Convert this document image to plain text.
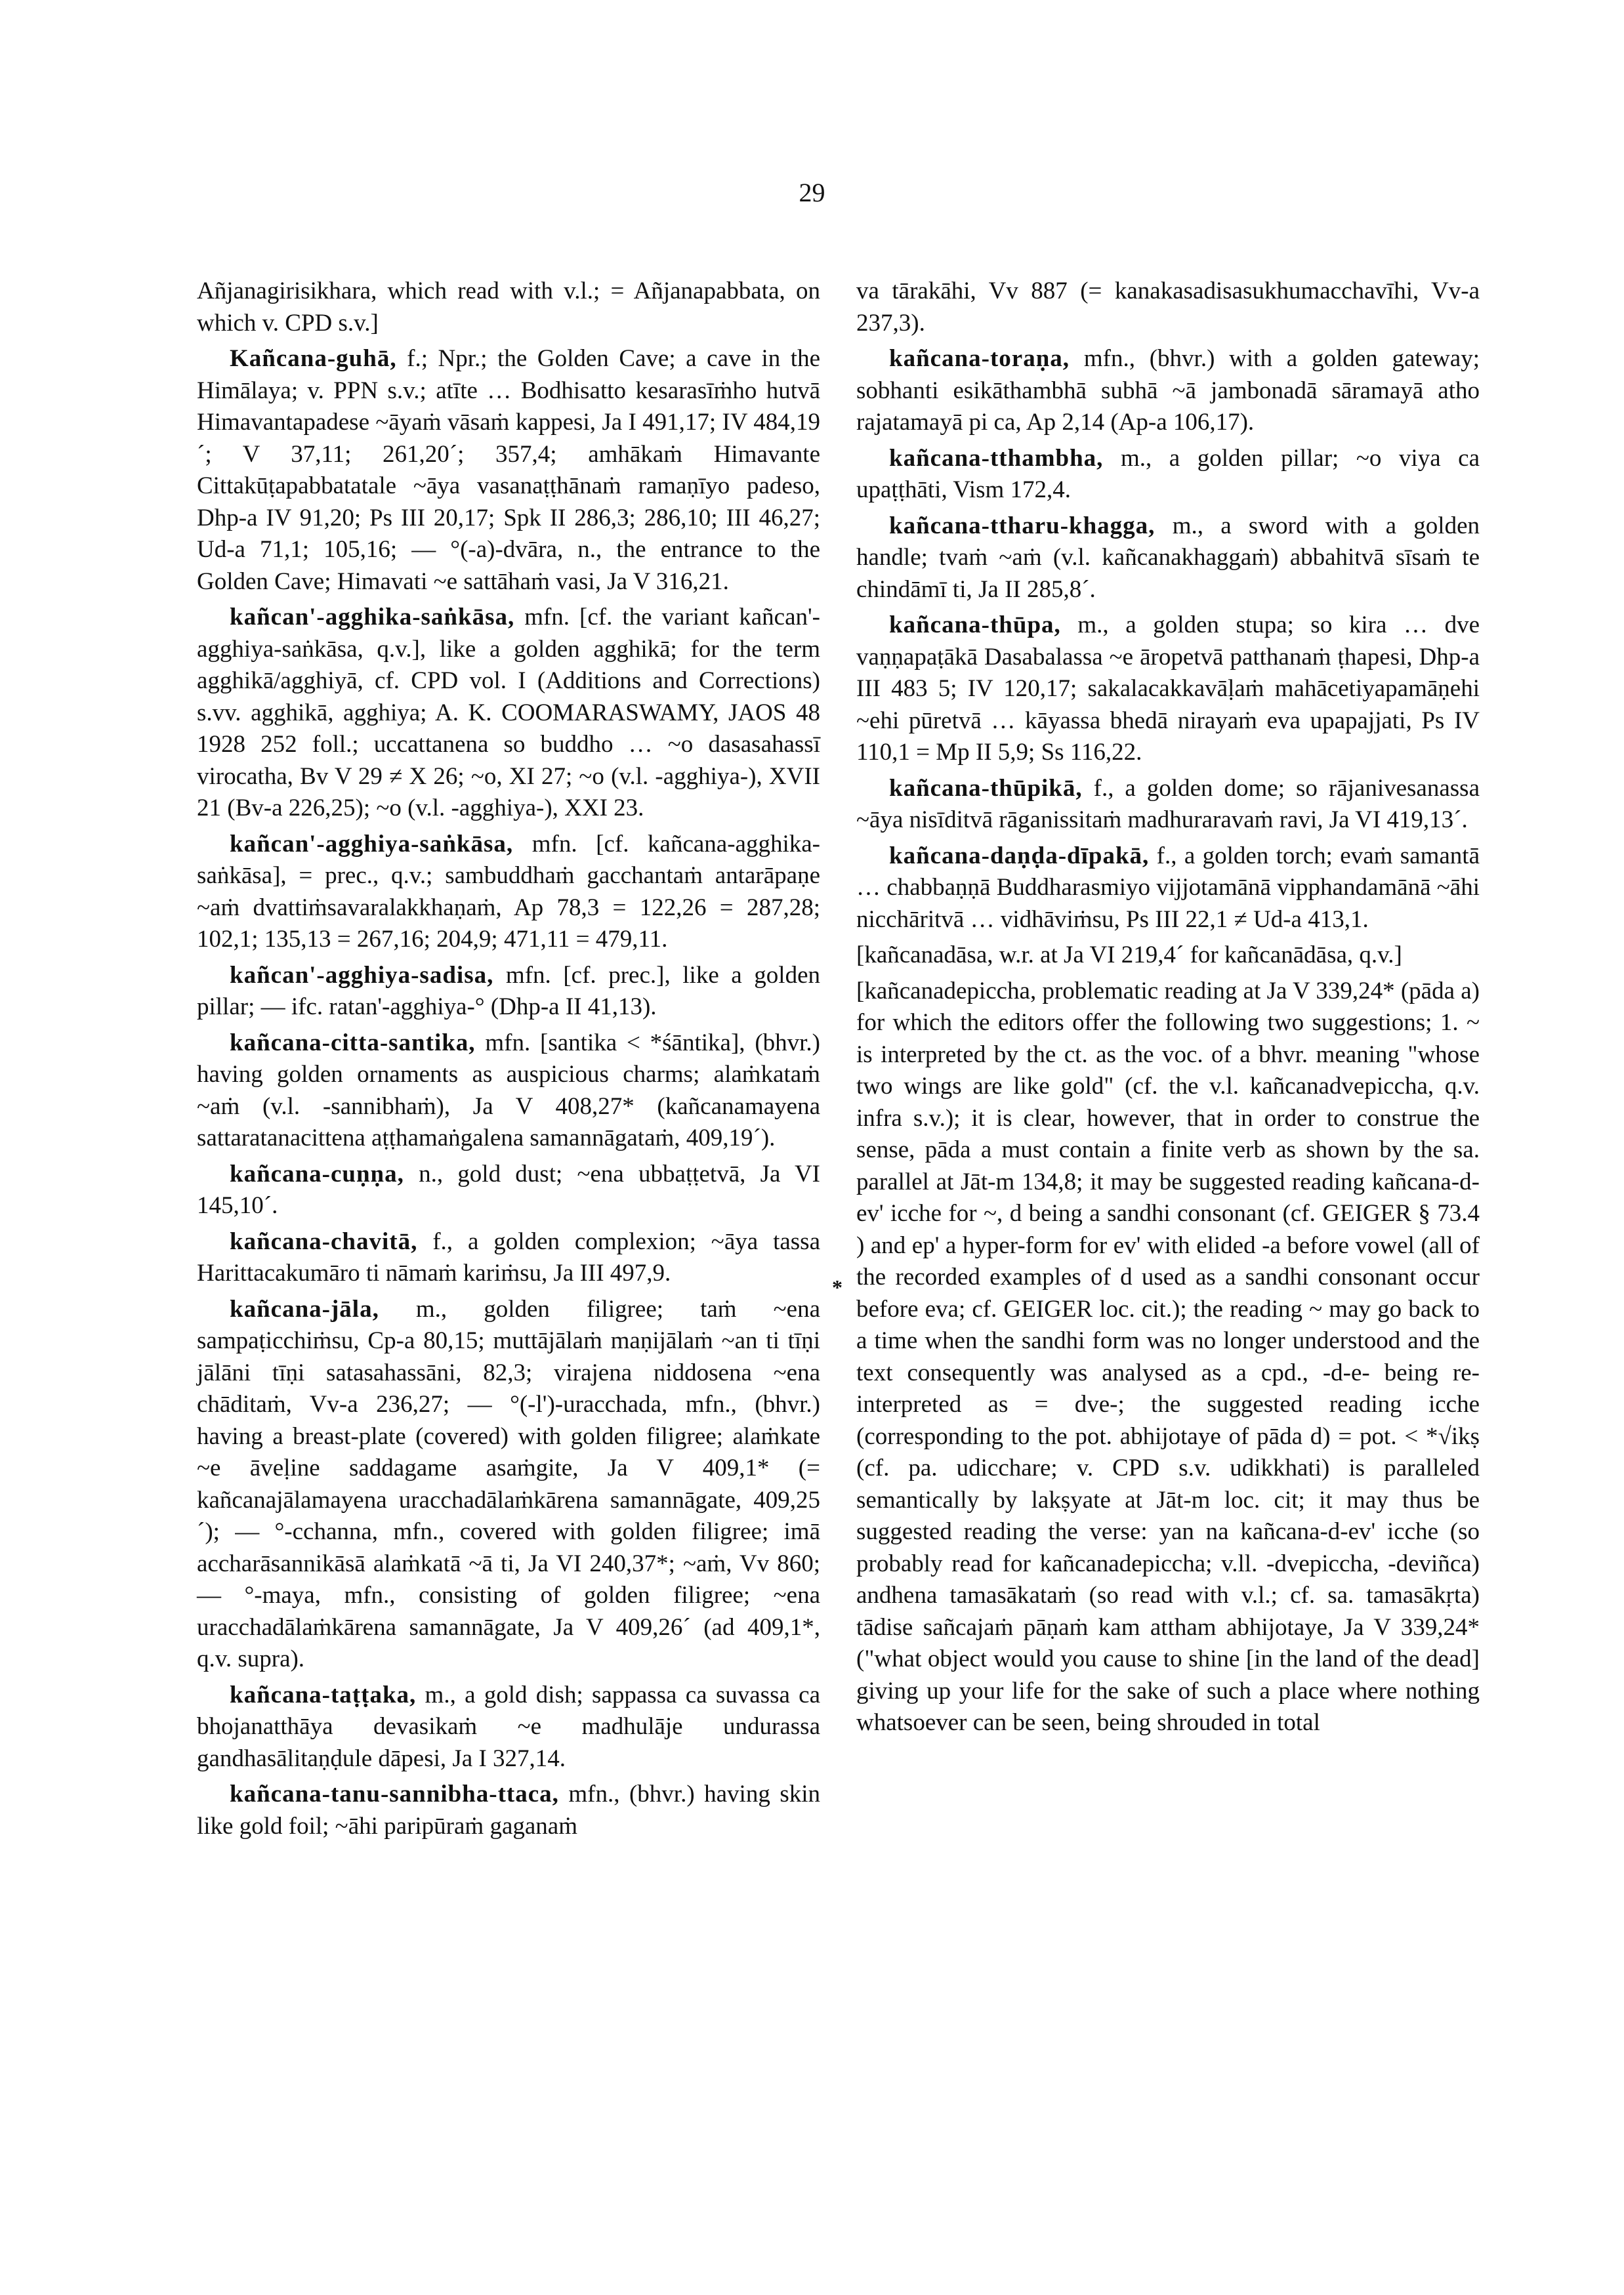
29

Añjanagirisikhara, which read with v.l.; = Añjanapabbata, on which v. CPD s.v.]

Kañcana-guhā, f.; Npr.; the Golden Cave; a cave in the Himālaya; v. PPN s.v.; atīte … Bodhisatto kesarasīṁho hutvā Himavantapadese ~āyaṁ vāsaṁ kappesi, Ja I 491,17; IV 484,19´; V 37,11; 261,20´; 357,4; amhākaṁ Himavante Cittakūṭapabbatatale ~āya vasanaṭṭhānaṁ ramaṇīyo padeso, Dhp-a IV 91,20; Ps III 20,17; Spk II 286,3; 286,10; III 46,27; Ud-a 71,1; 105,16; — °(-a)-dvāra, n., the entrance to the Golden Cave; Himavati ~e sattāhaṁ vasi, Ja V 316,21.

kañcan'-agghika-saṅkāsa, mfn. [cf. the variant kañcan'-agghiya-saṅkāsa, q.v.], like a golden agghikā; for the term agghikā/agghiyā, cf. CPD vol. I (Additions and Corrections) s.vv. agghikā, agghiya; A. K. COOMARASWAMY, JAOS 48 1928 252 foll.; uccattanena so buddho … ~o dasasahassī virocatha, Bv V 29 ≠ X 26; ~o, XI 27; ~o (v.l. -agghiya-), XVII 21 (Bv-a 226,25); ~o (v.l. -agghiya-), XXI 23.

kañcan'-agghiya-saṅkāsa, mfn. [cf. kañcana-agghika-saṅkāsa], = prec., q.v.; sambuddhaṁ gacchantaṁ antarāpaṇe ~aṁ dvattiṁsavaralakkhaṇaṁ, Ap 78,3 = 122,26 = 287,28; 102,1; 135,13 = 267,16; 204,9; 471,11 = 479,11.

kañcan'-agghiya-sadisa, mfn. [cf. prec.], like a golden pillar; — ifc. ratan'-agghiya-° (Dhp-a II 41,13).

kañcana-citta-santika, mfn. [santika < *śāntika], (bhvr.) having golden ornaments as auspicious charms; alaṁkataṁ ~aṁ (v.l. -sannibhaṁ), Ja V 408,27* (kañcanamayena sattaratanacittena aṭṭhamaṅgalena samannāgataṁ, 409,19´).

kañcana-cuṇṇa, n., gold dust; ~ena ubbaṭṭetvā, Ja VI 145,10´.

kañcana-chavitā, f., a golden complexion; ~āya tassa Harittacakumāro ti nāmaṁ kariṁsu, Ja III 497,9.

kañcana-jāla, m., golden filigree; taṁ ~ena sampaṭicchiṁsu, Cp-a 80,15; muttājālaṁ maṇijālaṁ ~an ti tīṇi jālāni tīṇi satasahassāni, 82,3; virajena niddosena ~ena chāditaṁ, Vv-a 236,27; — °(-l')-uracchada, mfn., (bhvr.) having a breast-plate (covered) with golden filigree; alaṁkate ~e āveḷine saddagame asaṁgite, Ja V 409,1* (= kañcanajālamayena uracchadālaṁkārena samannāgate, 409,25´); — °-cchanna, mfn., covered with golden filigree; imā accharāsannikāsā alaṁkatā ~ā ti, Ja VI 240,37*; ~aṁ, Vv 860; — °-maya, mfn., consisting of golden filigree; ~ena uracchadālaṁkārena samannāgate, Ja V 409,26´ (ad 409,1*, q.v. supra).

kañcana-taṭṭaka, m., a gold dish; sappassa ca suvassa ca bhojanatthāya devasikaṁ ~e madhulāje undurassa gandhasālitaṇḍule dāpesi, Ja I 327,14.

kañcana-tanu-sannibha-ttaca, mfn., (bhvr.) having skin like gold foil; ~āhi paripūraṁ gaganaṁ

va tārakāhi, Vv 887 (= kanakasadisasukhumacchavīhi, Vv-a 237,3).

kañcana-toraṇa, mfn., (bhvr.) with a golden gateway; sobhanti esikāthambhā subhā ~ā jambonadā sāramayā atho rajatamayā pi ca, Ap 2,14 (Ap-a 106,17).

kañcana-tthambha, m., a golden pillar; ~o viya ca upaṭṭhāti, Vism 172,4.

kañcana-ttharu-khagga, m., a sword with a golden handle; tvaṁ ~aṁ (v.l. kañcanakhaggaṁ) abbahitvā sīsaṁ te chindāmī ti, Ja II 285,8´.

kañcana-thūpa, m., a golden stupa; so kira … dve vaṇṇapaṭākā Dasabalassa ~e āropetvā patthanaṁ ṭhapesi, Dhp-a III 483 5; IV 120,17; sakalacakkavāḷaṁ mahācetiyapamāṇehi ~ehi pūretvā … kāyassa bhedā nirayaṁ eva upapajjati, Ps IV 110,1 = Mp II 5,9; Ss 116,22.

kañcana-thūpikā, f., a golden dome; so rājanivesanassa ~āya nisīditvā rāganissitaṁ madhuraravaṁ ravi, Ja VI 419,13´.

kañcana-daṇḍa-dīpakā, f., a golden torch; evaṁ samantā … chabbaṇṇā Buddharasmiyo vijjotamānā vipphandamānā ~āhi nicchāritvā … vidhāviṁsu, Ps III 22,1 ≠ Ud-a 413,1.

[kañcanadāsa, w.r. at Ja VI 219,4´ for kañcanādāsa, q.v.]

[kañcanadepiccha, problematic reading at Ja V 339,24* (pāda a) for which the editors offer the following two suggestions; 1. ~ is interpreted by the ct. as the voc. of a bhvr. meaning "whose two wings are like gold" (cf. the v.l. kañcanadvepiccha, q.v. infra s.v.); it is clear, however, that in order to construe the sense, pāda a must contain a finite verb as shown by the sa. parallel at Jāt-m 134,8; it may be suggested reading kañcana-d-ev' icche for ~, d being a sandhi consonant (cf. GEIGER § 73.4 ) and ep' a hyper-form for ev' with elided -a before vowel (all of the recorded examples of d used as a sandhi consonant occur before eva; cf. GEIGER loc. cit.); the reading ~ may go back to a time when the sandhi form was no longer understood and the text consequently was analysed as a cpd., -d-e- being re-interpreted as = dve-; the suggested reading icche (corresponding to the pot. abhijotaye of pāda d) = pot. < *√ikṣ (cf. pa. udicchare; v. CPD s.v. udikkhati) is paralleled semantically by lakṣyate at Jāt-m loc. cit; it may thus be suggested reading the verse: yan na kañcana-d-ev' icche (so probably read for kañcanadepiccha; v.ll. -dvepiccha, -deviñca) andhena tamasākataṁ (so read with v.l.; cf. sa. tamasākṛta) tādise sañcajaṁ pāṇaṁ kam attham abhijotaye, Ja V 339,24* ("what object would you cause to shine [in the land of the dead] giving up your life for the sake of such a place where nothing whatsoever can be seen, being shrouded in total

*
